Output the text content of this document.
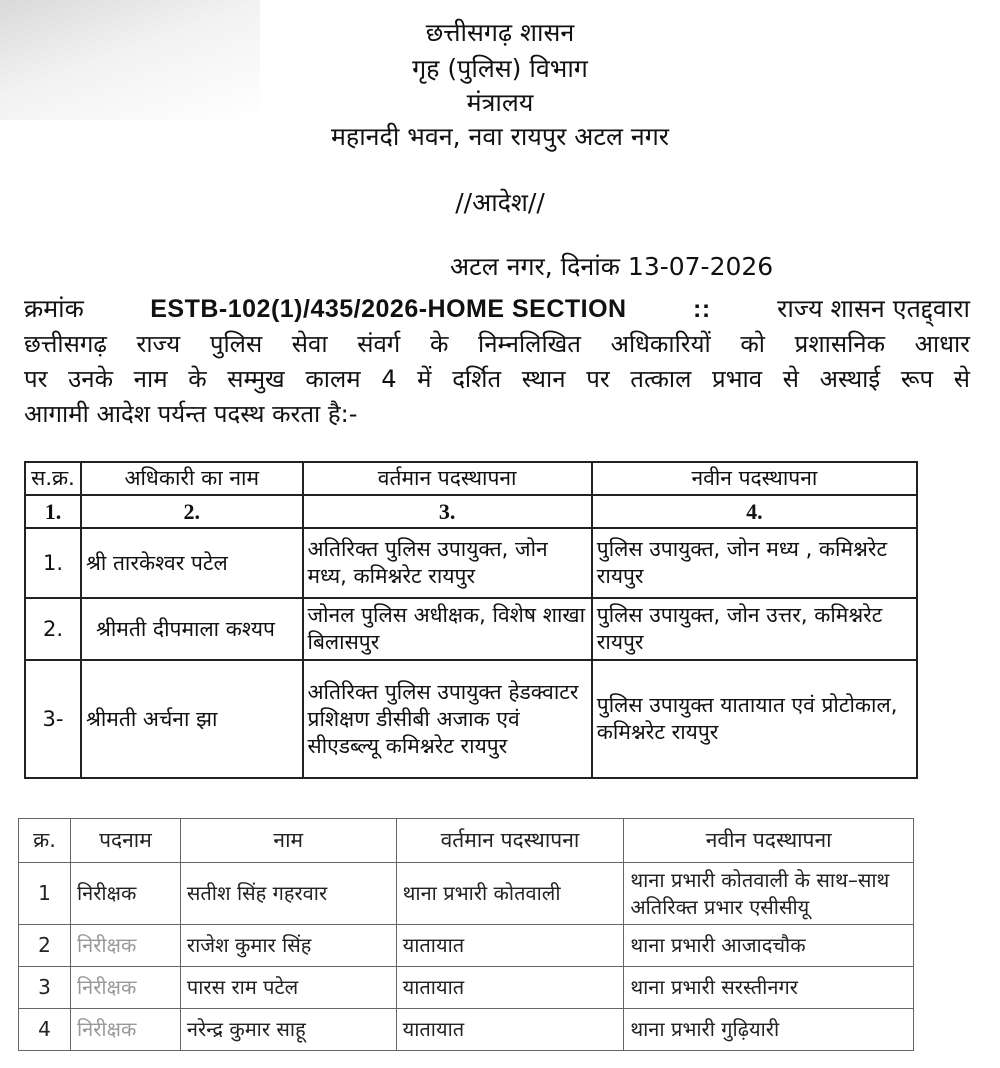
छत्तीसगढ़ शासन
गृह (पुलिस) विभाग
मंत्रालय
महानदी भवन, नवा रायपुर अटल नगर
//आदेश//
अटल नगर, दिनांक 13-07-2026
क्रमांक	ESTB-102(1)/435/2026-HOME SECTION	::	राज्य शासन एतद्द्वारा
छत्तीसगढ़ राज्य पुलिस सेवा संवर्ग के निम्नलिखित अधिकारियों को प्रशासनिक आधार
पर उनके नाम के सम्मुख कालम 4 में दर्शित स्थान पर तत्काल प्रभाव से अस्थाई रूप से
आगामी आदेश पर्यन्त पदस्थ करता है:-
स.क्र.	अधिकारी का नाम	वर्तमान पदस्थापना	नवीन पदस्थापना
1.	2.	3.	4.
1.	श्री तारकेश्वर पटेल	अतिरिक्त पुलिस उपायुक्त, जोन मध्य, कमिश्नरेट रायपुर	पुलिस उपायुक्त, जोन मध्य , कमिश्नरेट रायपुर
2.	श्रीमती दीपमाला कश्यप	जोनल पुलिस अधीक्षक, विशेष शाखा बिलासपुर	पुलिस उपायुक्त, जोन उत्तर, कमिश्नरेट रायपुर
3-	श्रीमती अर्चना झा	अतिरिक्त पुलिस उपायुक्त हेडक्वाटर प्रशिक्षण डीसीबी अजाक एवं सीएडब्ल्यू कमिश्नरेट रायपुर	पुलिस उपायुक्त यातायात एवं प्रोटोकाल, कमिश्नरेट रायपुर
क्र.	पदनाम	नाम	वर्तमान पदस्थापना	नवीन पदस्थापना
1	निरीक्षक	सतीश सिंह गहरवार	थाना प्रभारी कोतवाली	थाना प्रभारी कोतवाली के साथ–साथ अतिरिक्त प्रभार एसीसीयू
2	निरीक्षक	राजेश कुमार सिंह	यातायात	थाना प्रभारी आजादचौक
3	निरीक्षक	पारस राम पटेल	यातायात	थाना प्रभारी सरस्तीनगर
4	निरीक्षक	नरेन्द्र कुमार साहू	यातायात	थाना प्रभारी गुढ़ियारी
